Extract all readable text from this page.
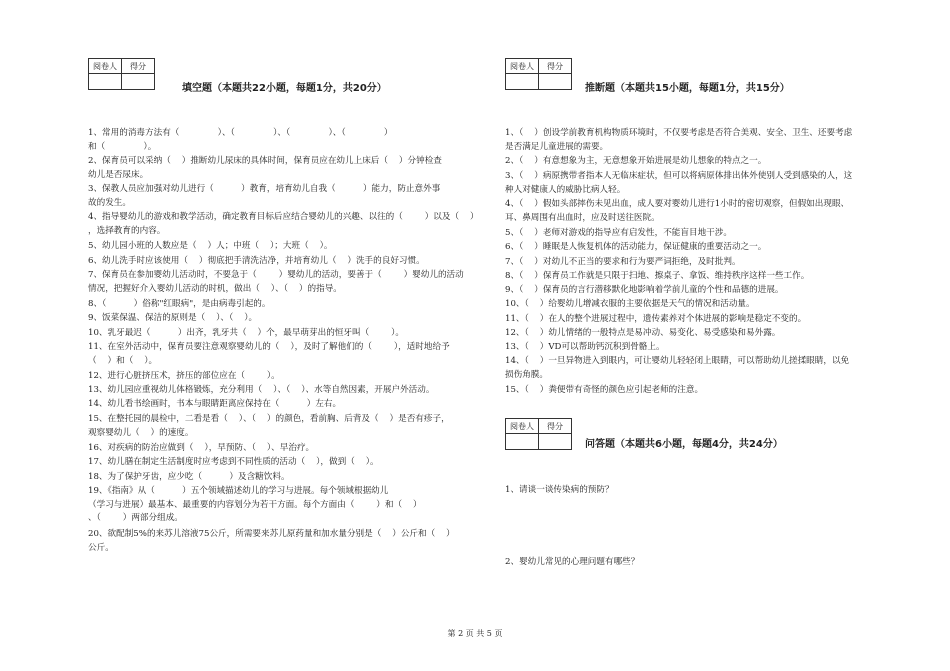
阅卷人	得分

填空题（本题共22小题，每题1分，共20分）
1、常用的消毒方法有（              ）、（              ）、（              ）、（              ）
和（              ）。
2、保育员可以采纳（    ）推断幼儿尿床的具体时间，保育员应在幼儿上床后（    ）分钟检查
幼儿是否尿床。
3、保教人员应加强对幼儿进行（          ）教育，培育幼儿自我（          ）能力，防止意外事
故的发生。
4、指导婴幼儿的游戏和教学活动，确定教育目标后应结合婴幼儿的兴趣、以往的（        ）以及（    ）
，选择教育的内容。
5、幼儿园小班的人数应是（    ）人；中班（    ）；大班（    ）。
6、幼儿洗手时应该使用（    ）彻底把手清洗洁净，并培育幼儿（    ）洗手的良好习惯。
7、保育员在参加婴幼儿活动时，不要急于（        ）婴幼儿的活动，要善于（        ）婴幼儿的活动
情况，把握好介入婴幼儿活动的时机，做出（    ）、（    ）的指导。
8、（          ）俗称"红眼病"，是由病毒引起的。
9、饭菜保温、保洁的原则是（    ）、（    ）。
10、乳牙最迟（          ）出齐，乳牙共（    ）个，最早萌芽出的恒牙叫（        ）。
11、在室外活动中，保育员要注意观察婴幼儿的（    ），及时了解他们的（        ），适时地给予
（    ）和（    ）。
12、进行心脏挤压术，挤压的部位应在（        ）。
13、幼儿园应重视幼儿体格锻炼，充分利用（    ）、（    ）、水等自然因素，开展户外活动。
14、幼儿看书绘画时，书本与眼睛距离应保持在（          ）左右。
15、在整托园的晨检中，二看是看（    ）、（    ）的颜色，看前胸、后背及（    ）是否有疹子，
观察婴幼儿（    ）的速度。
16、对疾病的防治应做到（    ），早预防、（    ）、早治疗。
17、幼儿膳在制定生活制度时应考虑到不同性质的活动（    ），做到（    ）。
18、为了保护牙齿，应少吃（          ）及含糖饮料。
19、《指南》从（          ）五个领域描述幼儿的学习与进展。每个领域根据幼儿
（学习与进展）最基本、最重要的内容划分为若干方面。每个方面由（        ）和（    ）
、（        ）两部分组成。
20、欲配制5%的来苏儿溶液75公斤，所需要来苏儿原药量和加水量分别是（    ）公斤和（    ）
公斤。
阅卷人	得分

推断题（本题共15小题，每题1分，共15分）
1、（    ）创设学前教育机构物质环境时，不仅要考虑是否符合美观、安全、卫生、还要考虑
是否满足儿童进展的需要。
2、（    ）有意想象为主，无意想象开始进展是幼儿想象的特点之一。
3、（    ）病原携带者指本人无临床症状，但可以将病原体排出体外使别人受到感染的人，这
种人对健康人的威胁比病人轻。
4、（    ）假如头部摔伤未见出血，成人要对婴幼儿进行1小时的密切观察，但假如出现眼、
耳、鼻周围有出血时，应及时送往医院。
5、（    ）老师对游戏的指导应有启发性，不能盲目地干涉。
6、（    ）睡眠是人恢复机体的活动能力，保证健康的重要活动之一。
7、（    ）对幼儿不正当的要求和行为要严词拒绝，及时批判。
8、（    ）保育员工作就是只限于扫地、擦桌子、拿饭、维持秩序这样一些工作。
9、（    ）保育员的言行潜移默化地影响着学前儿童的个性和品德的进展。
10、（    ）给婴幼儿增减衣服的主要依据是天气的情况和活动量。
11、（    ）在人的整个进展过程中，遗传素养对个体进展的影响是稳定不变的。
12、（    ）幼儿情绪的一般特点是易冲动、易变化、易受感染和易外露。
13、（    ）VD可以帮助钙沉积到骨骼上。
14、（    ）一旦异物进入到眼内，可让婴幼儿轻轻闭上眼睛，可以帮助幼儿搓揉眼睛，以免
损伤角膜。
15、（    ）粪便带有奇怪的颜色应引起老师的注意。
阅卷人	得分

问答题（本题共6小题，每题4分，共24分）
1、请谈一谈传染病的预防？
2、婴幼儿常见的心理问题有哪些？
第 2 页 共 5 页
